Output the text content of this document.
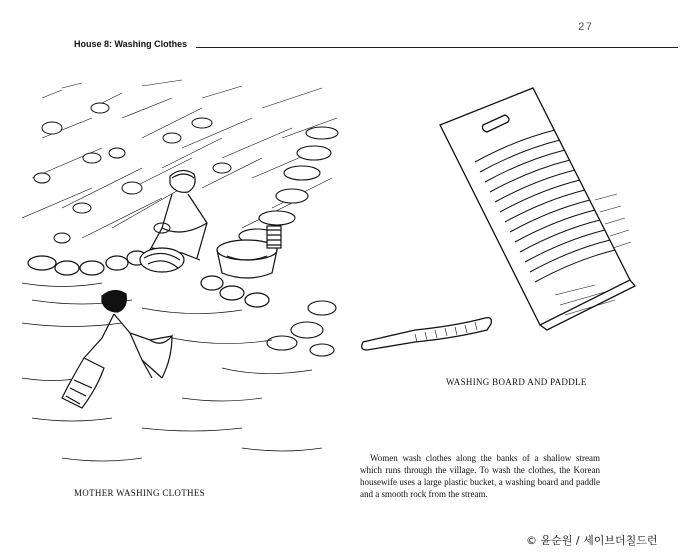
27
House 8: Washing Clothes
MOTHER WASHING CLOTHES
WASHING BOARD AND PADDLE

Women wash clothes along the banks of a shallow stream which runs through the village. To wash the clothes, the Korean housewife uses a large plastic bucket, a washing board and paddle and a smooth rock from the stream.

© 윤순원 / 세이브더칠드런
